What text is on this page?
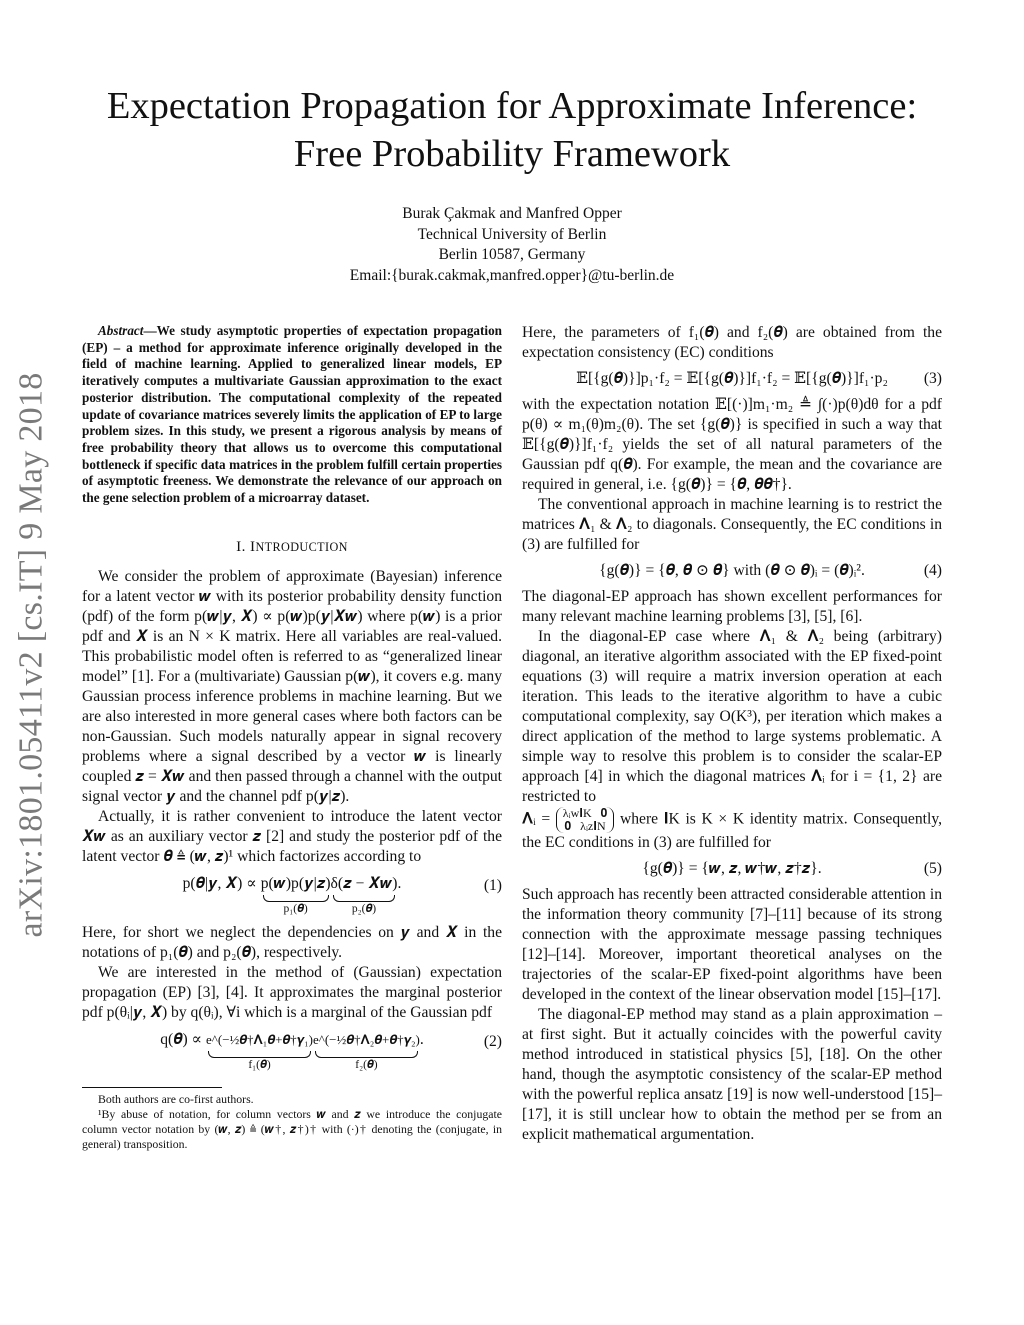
arXiv:1801.05411v2 [cs.IT] 9 May 2018
Expectation Propagation for Approximate Inference:
Free Probability Framework
Burak Çakmak and Manfred Opper
Technical University of Berlin
Berlin 10587, Germany
Email:{burak.cakmak,manfred.opper}@tu-berlin.de

Abstract—We study asymptotic properties of expectation propagation (EP) – a method for approximate inference originally developed in the field of machine learning. Applied to generalized linear models, EP iteratively computes a multivariate Gaussian approximation to the exact posterior distribution. The computational complexity of the repeated update of covariance matrices severely limits the application of EP to large problem sizes. In this study, we present a rigorous analysis by means of free probability theory that allows us to overcome this computational bottleneck if specific data matrices in the problem fulfill certain properties of asymptotic freeness. We demonstrate the relevance of our approach on the gene selection problem of a microarray dataset.

I. INTRODUCTION

We consider the problem of approximate (Bayesian) inference for a latent vector 𝒘 with its posterior probability density function (pdf) of the form p(𝒘|𝒚, 𝑿) ∝ p(𝒘)p(𝒚|𝑿𝒘) where p(𝒘) is a prior pdf and 𝑿 is an N × K matrix. Here all variables are real-valued. This probabilistic model often is referred to as “generalized linear model” [1]. For a (multivariate) Gaussian p(𝒘), it covers e.g. many Gaussian process inference problems in machine learning. But we are also interested in more general cases where both factors can be non-Gaussian. Such models naturally appear in signal recovery problems where a signal described by a vector 𝒘 is linearly coupled 𝒛 = 𝑿𝒘 and then passed through a channel with the output signal vector 𝒚 and the channel pdf p(𝒚|𝒛).

Actually, it is rather convenient to introduce the latent vector 𝑿𝒘 as an auxiliary vector 𝒛 [2] and study the posterior pdf of the latent vector 𝜽 ≜ (𝒘, 𝒛)¹ which factorizes according to

p(𝜽|𝒚, 𝑿) ∝ p(𝒘)p(𝒚|𝒛)
p₁(𝜽)
δ(𝒛 − 𝑿𝒘)
p₂(𝜽)
.	(1)

Here, for short we neglect the dependencies on 𝒚 and 𝑿 in the notations of p₁(𝜽) and p₂(𝜽), respectively.

We are interested in the method of (Gaussian) expectation propagation (EP) [3], [4]. It approximates the marginal posterior pdf p(θᵢ|𝒚, 𝑿) by q(θᵢ), ∀i which is a marginal of the Gaussian pdf

q(𝜽) ∝ e^(−½𝜽†𝚲₁𝜽+𝜽†𝜸₁)
f₁(𝜽)
e^(−½𝜽†𝚲₂𝜽+𝜽†𝜸₂)
f₂(𝜽)
.	(2)

Both authors are co-first authors.

¹By abuse of notation, for column vectors 𝒘 and 𝒛 we introduce the conjugate column vector notation by (𝒘, 𝒛) ≜ (𝒘†, 𝒛†)† with (·)† denoting the (conjugate, in general) transposition.

Here, the parameters of f₁(𝜽) and f₂(𝜽) are obtained from the expectation consistency (EC) conditions

𝔼[{g(𝜽)}]p₁·f₂ = 𝔼[{g(𝜽)}]f₁·f₂ = 𝔼[{g(𝜽)}]f₁·p₂ (3)

with the expectation notation 𝔼[(·)]m₁·m₂ ≜ ∫(·)p(θ)dθ for a pdf p(θ) ∝ m₁(θ)m₂(θ). The set {g(𝜽)} is specified in such a way that 𝔼[{g(𝜽)}]f₁·f₂ yields the set of all natural parameters of the Gaussian pdf q(𝜽). For example, the mean and the covariance are required in general, i.e. {g(𝜽)} = {𝜽, 𝜽𝜽†}.

The conventional approach in machine learning is to restrict the matrices 𝚲₁ & 𝚲₂ to diagonals. Consequently, the EC conditions in (3) are fulfilled for

{g(𝜽)} = {𝜽, 𝜽 ⊙ 𝜽} with (𝜽 ⊙ 𝜽)ᵢ = (𝜽)ᵢ².	(4)

The diagonal-EP approach has shown excellent performances for many relevant machine learning problems [3], [5], [6].

In the diagonal-EP case where 𝚲₁ & 𝚲₂ being (arbitrary) diagonal, an iterative algorithm associated with the EP fixed-point equations (3) will require a matrix inversion operation at each iteration. This leads to the iterative algorithm to have a cubic computational complexity, say O(K³), per iteration which makes a direct application of the method to large systems problematic. A simple way to resolve this problem is to consider the scalar-EP approach [4] in which the diagonal matrices 𝚲ᵢ for i = {1, 2} are restricted to

𝚲ᵢ = λᵢw𝐈K 𝟎
𝟎 λᵢz𝐈N where 𝐈K is K × K identity matrix. Consequently, the EC conditions in (3) are fulfilled for

{g(𝜽)} = {𝒘, 𝒛, 𝒘†𝒘, 𝒛†𝒛}.	(5)

Such approach has recently been attracted considerable attention in the information theory community [7]–[11] because of its strong connection with the approximate message passing techniques [12]–[14]. Moreover, important theoretical analyses on the trajectories of the scalar-EP fixed-point algorithms have been developed in the context of the linear observation model [15]–[17].

The diagonal-EP method may stand as a plain approximation – at first sight. But it actually coincides with the powerful cavity method introduced in statistical physics [5], [18]. On the other hand, though the asymptotic consistency of the scalar-EP method with the powerful replica ansatz [19] is now well-understood [15]–[17], it is still unclear how to obtain the method per se from an explicit mathematical argumentation.
